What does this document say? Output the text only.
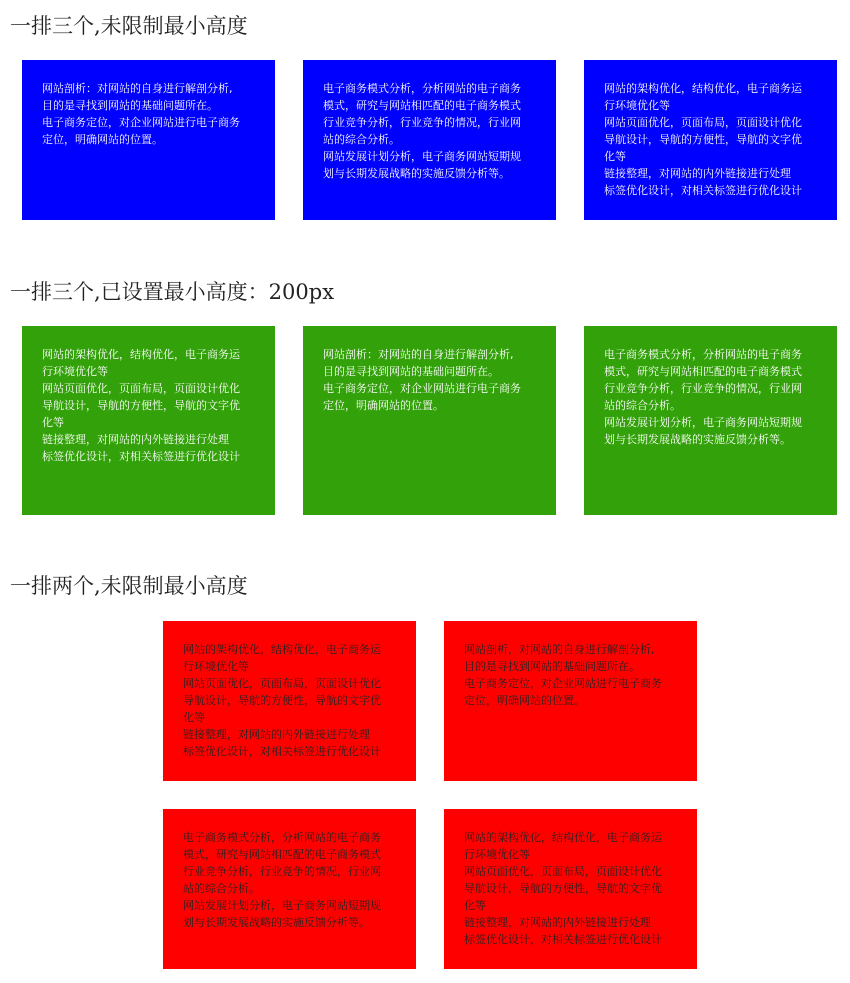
一排三个,未限制最小高度

网站剖析：对网站的自身进行解剖分析,

目的是寻找到网站的基础问题所在。

电子商务定位，对企业网站进行电子商务

定位，明确网站的位置。

电子商务模式分析，分析网站的电子商务

模式，研究与网站相匹配的电子商务模式

行业竞争分析，行业竞争的情况，行业网

站的综合分析。

网站发展计划分析，电子商务网站短期规

划与长期发展战略的实施反馈分析等。

网站的架构优化，结构优化，电子商务运

行环境优化等

网站页面优化，页面布局，页面设计优化

导航设计，导航的方便性，导航的文字优

化等

链接整理，对网站的内外链接进行处理

标签优化设计，对相关标签进行优化设计

一排三个,已设置最小高度：200px

网站的架构优化，结构优化，电子商务运

行环境优化等

网站页面优化，页面布局，页面设计优化

导航设计，导航的方便性，导航的文字优

化等

链接整理，对网站的内外链接进行处理

标签优化设计，对相关标签进行优化设计

网站剖析：对网站的自身进行解剖分析,

目的是寻找到网站的基础问题所在。

电子商务定位，对企业网站进行电子商务

定位，明确网站的位置。

电子商务模式分析，分析网站的电子商务

模式，研究与网站相匹配的电子商务模式

行业竞争分析，行业竞争的情况，行业网

站的综合分析。

网站发展计划分析，电子商务网站短期规

划与长期发展战略的实施反馈分析等。

一排两个,未限制最小高度

网站的架构优化，结构优化，电子商务运

行环境优化等

网站页面优化，页面布局，页面设计优化

导航设计，导航的方便性，导航的文字优

化等

链接整理，对网站的内外链接进行处理

标签优化设计，对相关标签进行优化设计

网站剖析，对网站的自身进行解剖分析,

目的是寻找到网站的基础问题所在。

电子商务定位，对企业网站进行电子商务

定位，明确网站的位置。

电子商务模式分析，分析网站的电子商务

模式，研究与网站相匹配的电子商务模式

行业竞争分析，行业竞争的情况，行业网

站的综合分析。

网站发展计划分析，电子商务网站短期规

划与长期发展战略的实施反馈分析等。

网站的架构优化，结构优化，电子商务运

行环境优化等

网站页面优化，页面布局，页面设计优化

导航设计，导航的方便性，导航的文字优

化等

链接整理，对网站的内外链接进行处理

标签优化设计，对相关标签进行优化设计
